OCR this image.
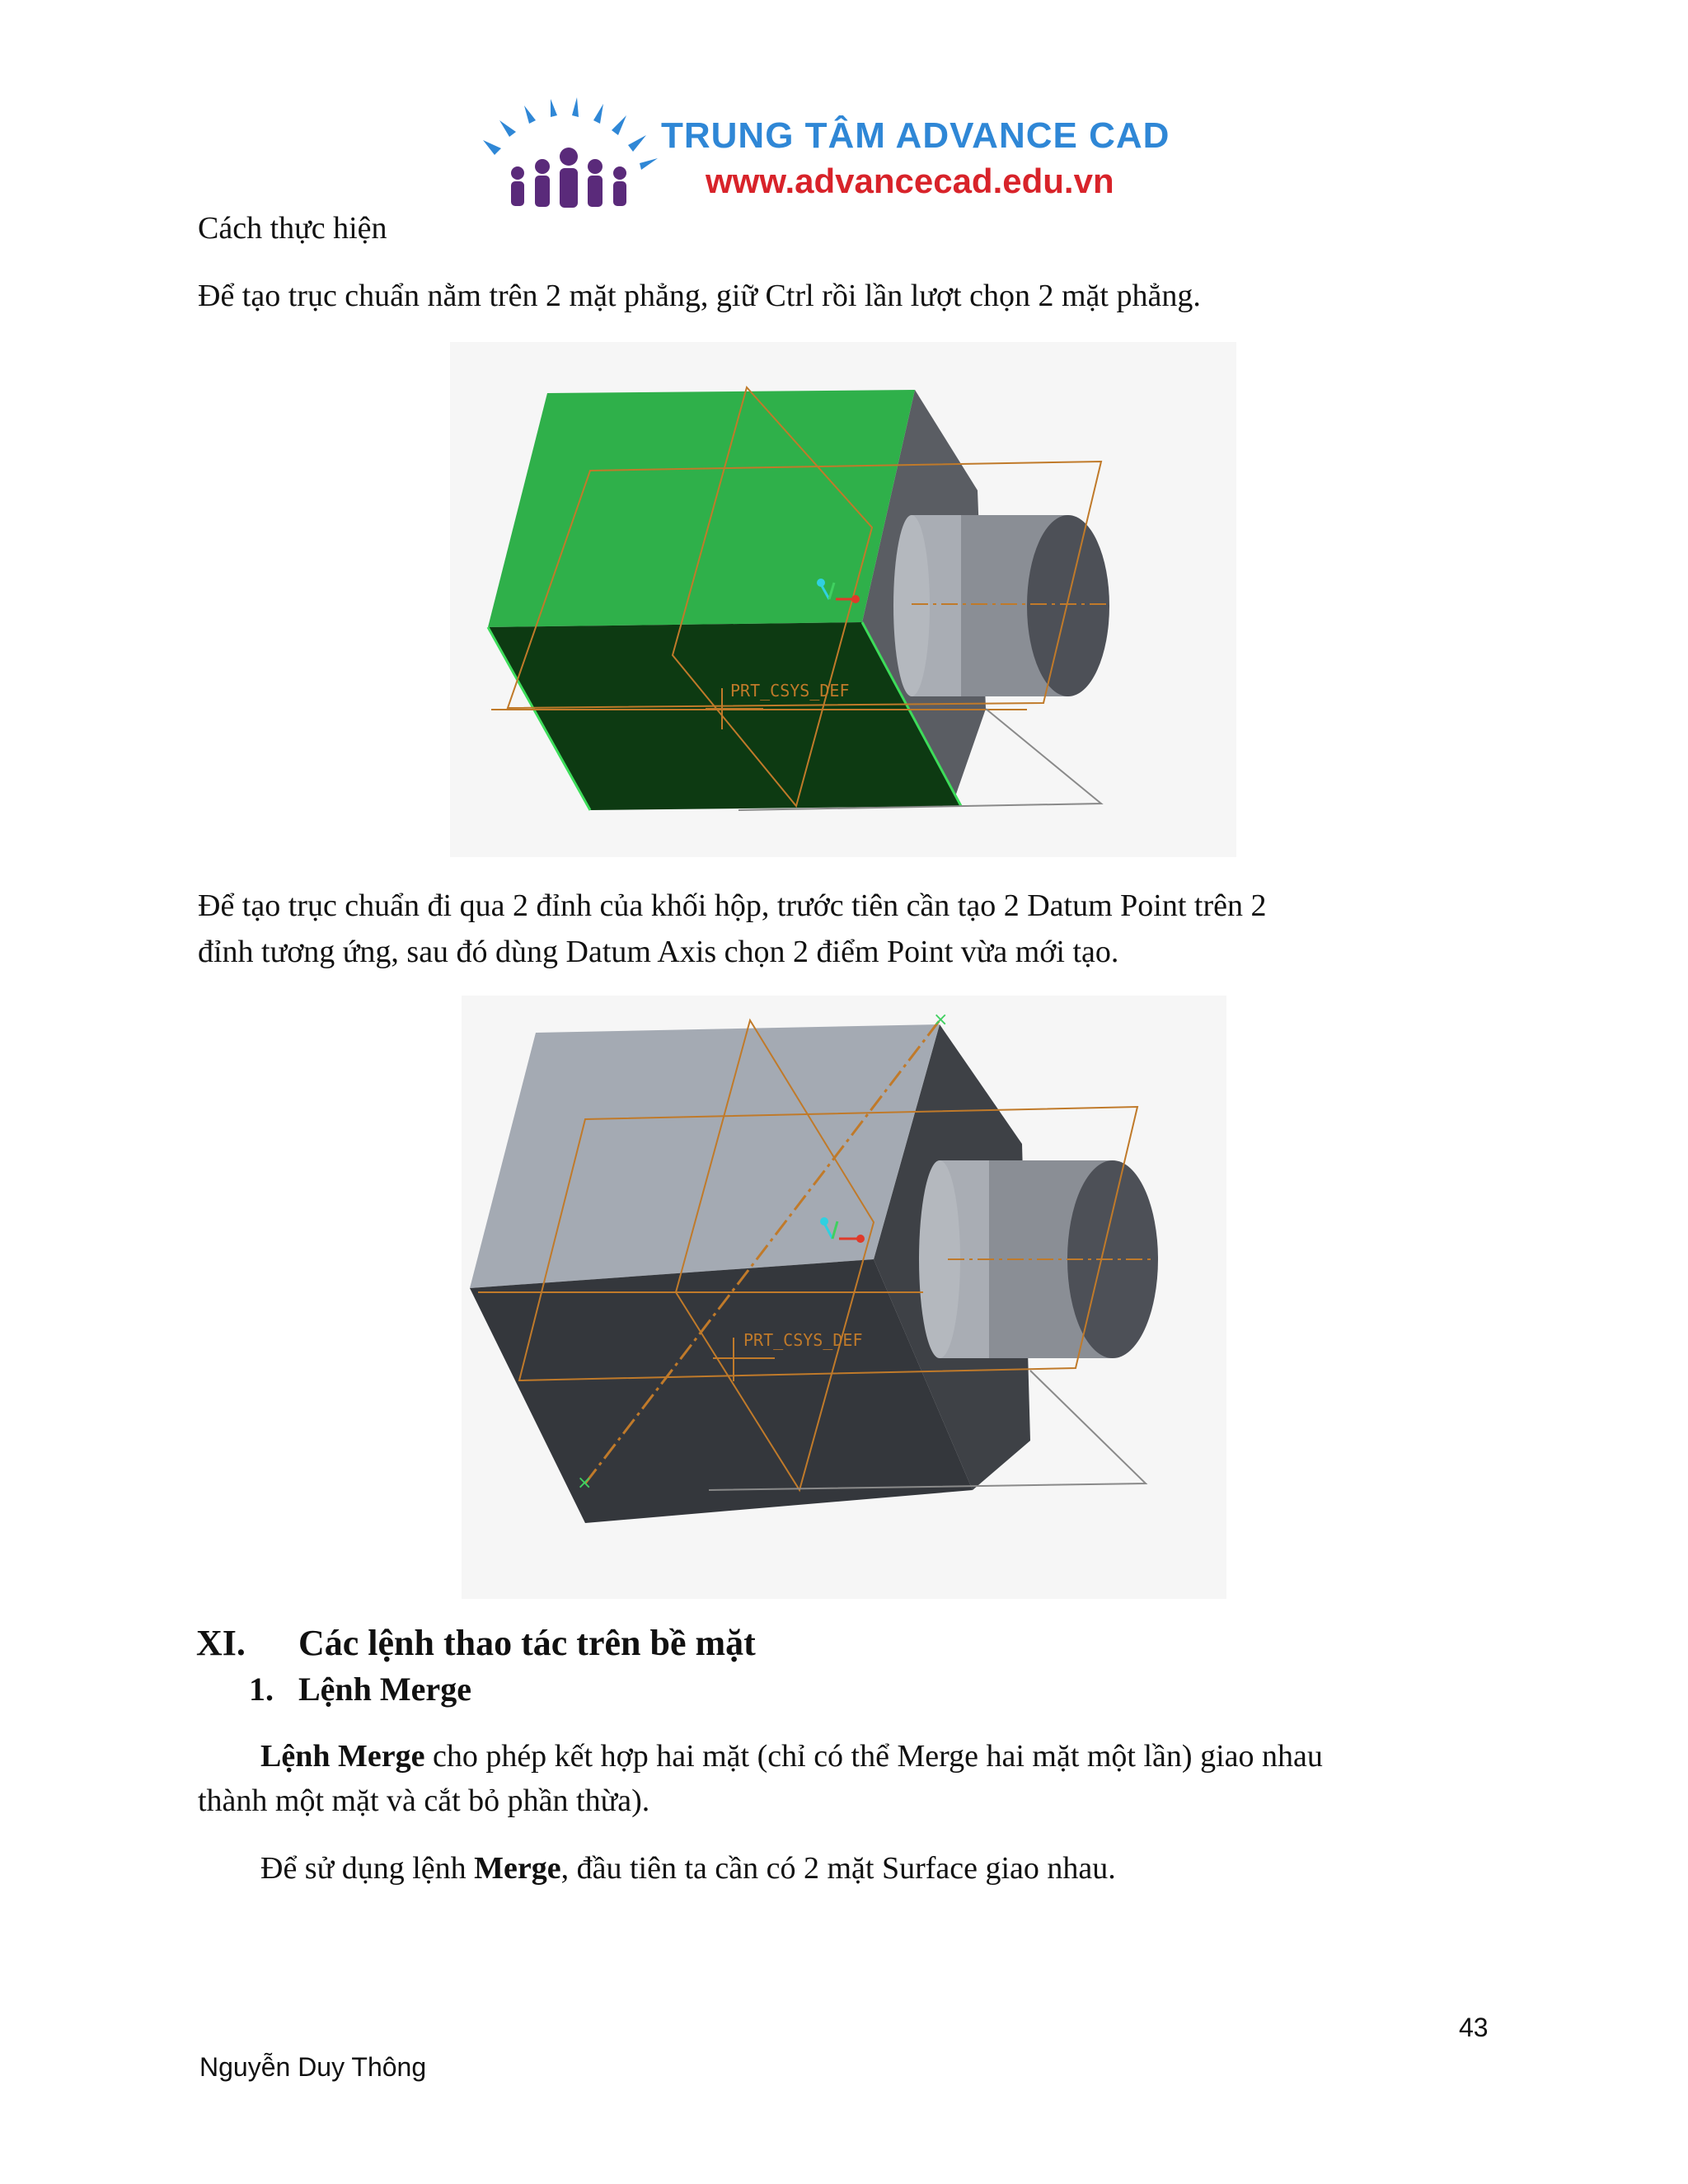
TRUNG TÂM ADVANCE CAD
www.advancecad.edu.vn
Cách thực hiện
Để tạo trục chuẩn nằm trên 2 mặt phẳng, giữ Ctrl rồi lần lượt chọn 2 mặt phẳng.
PRT_CSYS_DEF
Để tạo trục chuẩn đi qua 2 đỉnh của khối hộp, trước tiên cần tạo 2 Datum Point trên 2
đỉnh tương ứng, sau đó dùng Datum Axis chọn 2 điểm Point vừa mới tạo.
×
×
PRT_CSYS_DEF
XI. Các lệnh thao tác trên bề mặt
1. Lệnh Merge
Lệnh Merge cho phép kết hợp hai mặt (chỉ có thể Merge hai mặt một lần) giao nhau
thành một mặt và cắt bỏ phần thừa).
Để sử dụng lệnh Merge, đầu tiên ta cần có 2 mặt Surface giao nhau.
43
Nguyễn Duy Thông
